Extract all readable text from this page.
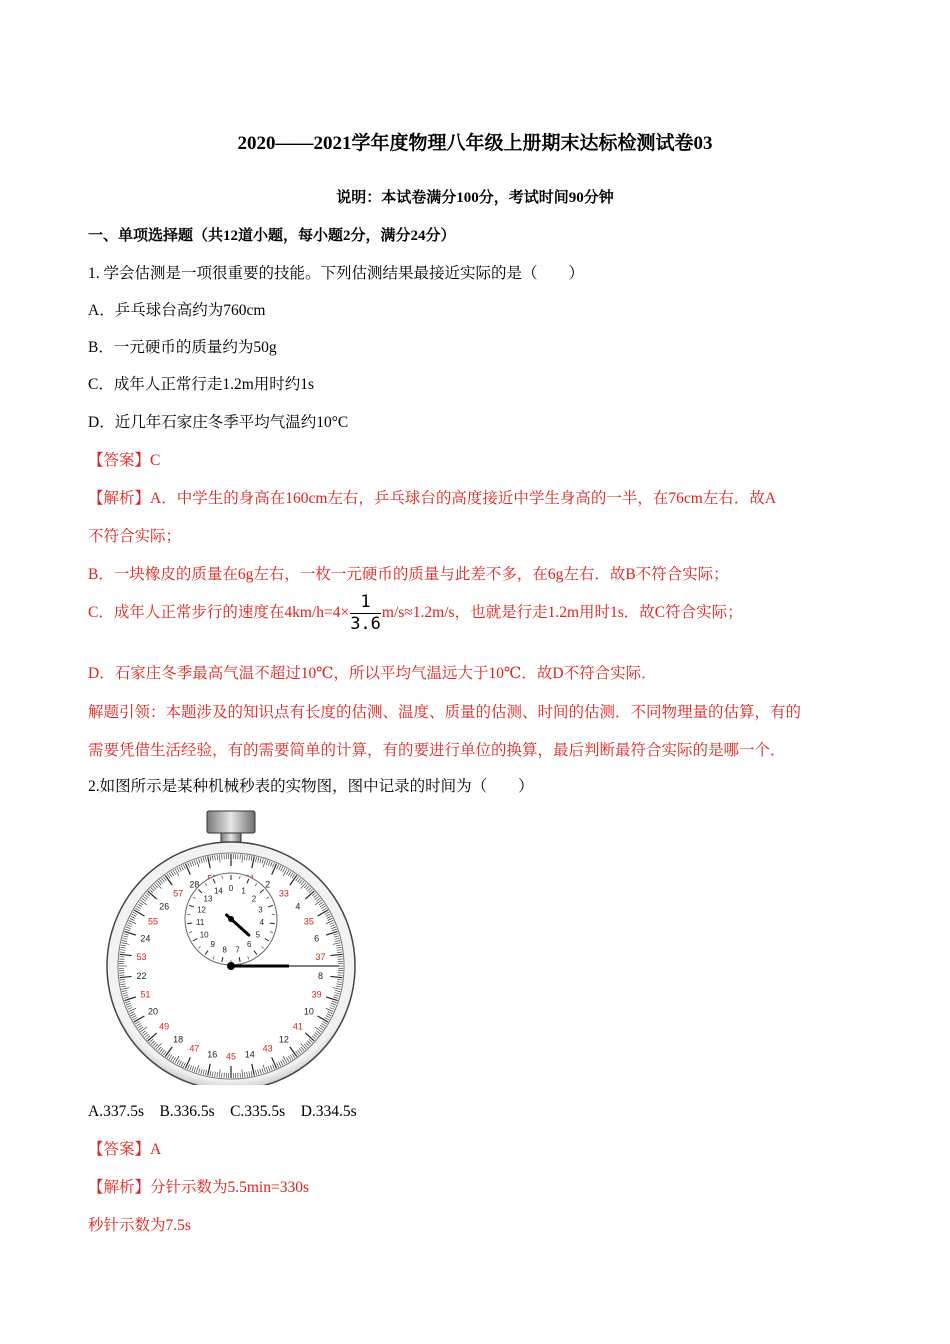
2020——2021学年度物理八年级上册期末达标检测试卷03
说明：本试卷满分100分，考试时间90分钟
一、单项选择题（共12道小题，每小题2分，满分24分）
1. 学会估测是一项很重要的技能。下列估测结果最接近实际的是（　　）
A．乒乓球台高约为760cm
B．一元硬币的质量约为50g
C．成年人正常行走1.2m用时约1s
D．近几年石家庄冬季平均气温约10°C
【答案】C
【解析】A．中学生的身高在160cm左右，乒乓球台的高度接近中学生身高的一半，在76cm左右．故A
不符合实际；
B．一块橡皮的质量在6g左右，一枚一元硬币的质量与此差不多，在6g左右．故B不符合实际；
C．成年人正常步行的速度在$4km/h=4\times \frac{1}{3.6} m/s\approx 1.2m/s$，也就是行走1.2m用时1s．故C符合实际；
D．石家庄冬季最高气温不超过10℃，所以平均气温远大于10℃．故D不符合实际．
解题引领：本题涉及的知识点有长度的估测、温度、质量的估测、时间的估测．不同物理量的估算，有的
需要凭借生活经验，有的需要简单的计算，有的要进行单位的换算，最后判断最符合实际的是哪一个．
2.如图所示是某种机械秒表的实物图，图中记录的时间为（　　）
2
4
6
8
10
12
14
16
18
20
22
24
26
28
33
35
37
39
41
43
45
47
49
51
53
55
57
0 1
2
3
4
5
6
7
8
9
10
11
12
13
14
A.337.5s　B.336.5s　C.335.5s　D.334.5s
【答案】A
【解析】分针示数为5.5min=330s
秒针示数为7.5s
